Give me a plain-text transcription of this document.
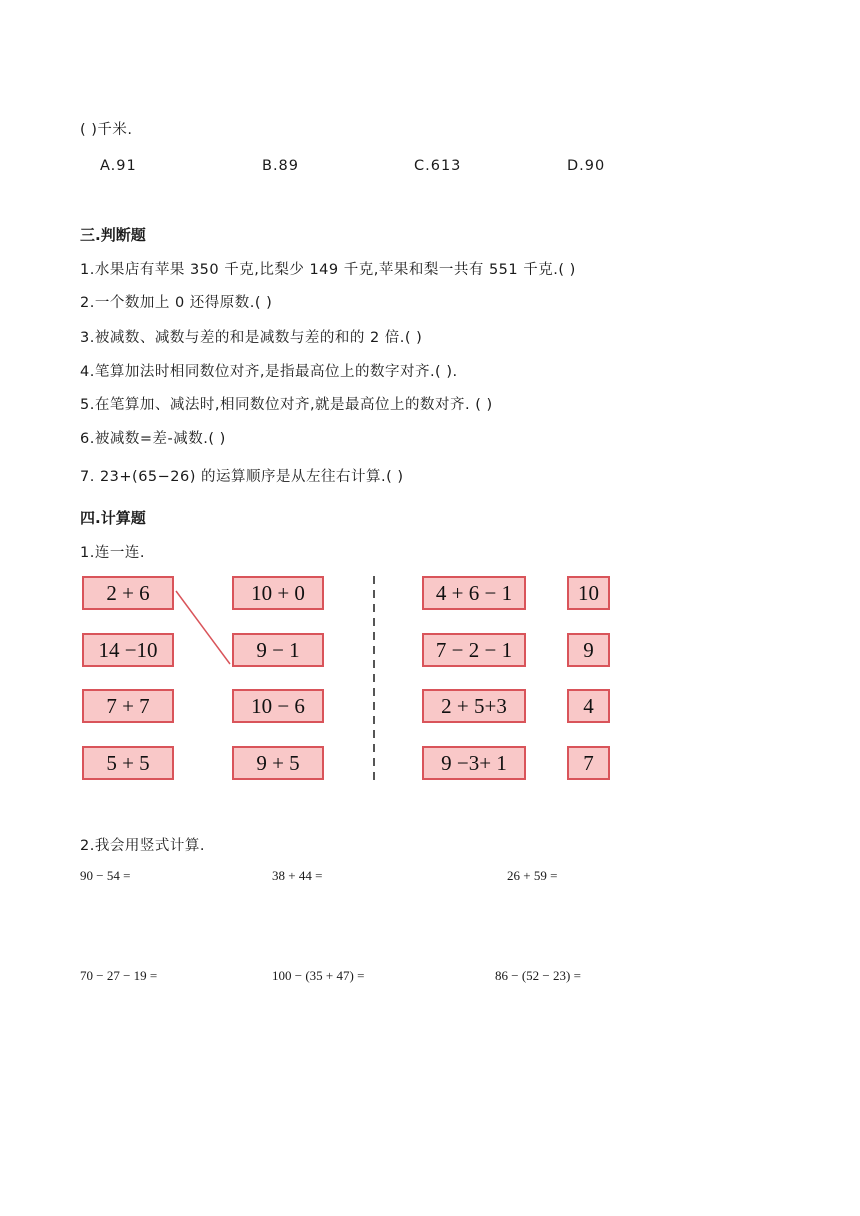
( )千米.
A.91	B.89	C.613	D.90
三.判断题
1.水果店有苹果 350 千克,比梨少 149 千克,苹果和梨一共有 551 千克.( )
2.一个数加上 0 还得原数.( )
3.被减数、减数与差的和是减数与差的和的 2 倍.( )
4.笔算加法时相同数位对齐,是指最高位上的数字对齐.( ).
5.在笔算加、减法时,相同数位对齐,就是最高位上的数对齐. ( )
6.被减数=差-减数.( )
7. 23+(65−26) 的运算顺序是从左往右计算.( )
四.计算题
1.连一连.
2 + 6
14 −10
7 + 7
5 + 5
10 + 0
9 − 1
10 − 6
9 + 5
4 + 6 − 1
7 − 2 − 1
2 + 5+3
9 −3+ 1
10
9
4
7
2.我会用竖式计算.
90 − 54 =	38 + 44 =	26 + 59 =
70 − 27 − 19 =	100 − (35 + 47) =	86 − (52 − 23) =
